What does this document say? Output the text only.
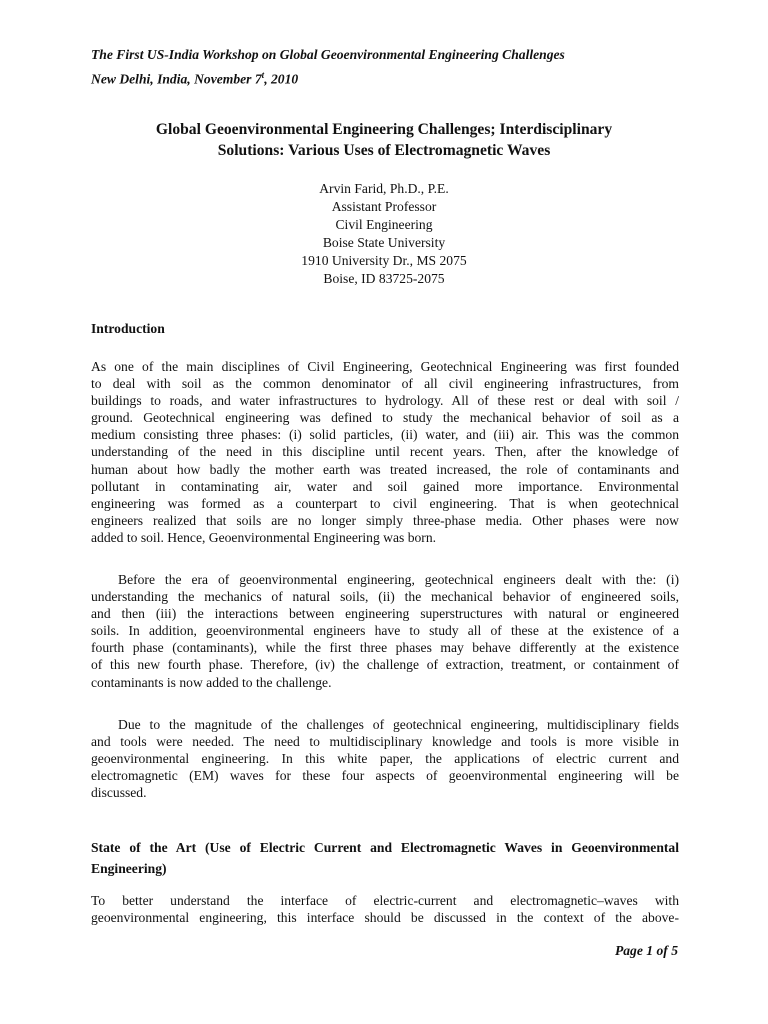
The First US-India Workshop on Global Geoenvironmental Engineering Challenges
New Delhi, India, November 7$^t$, 2010
Global Geoenvironmental Engineering Challenges; Interdisciplinary
Solutions: Various Uses of Electromagnetic Waves
Arvin Farid, Ph.D., P.E.
Assistant Professor
Civil Engineering
Boise State University
1910 University Dr., MS 2075
Boise, ID 83725-2075
Introduction
As one of the main disciplines of Civil Engineering, Geotechnical Engineering was first founded
to deal with soil as the common denominator of all civil engineering infrastructures, from
buildings to roads, and water infrastructures to hydrology. All of these rest or deal with soil /
ground. Geotechnical engineering was defined to study the mechanical behavior of soil as a
medium consisting three phases: (i) solid particles, (ii) water, and (iii) air. This was the common
understanding of the need in this discipline until recent years. Then, after the knowledge of
human about how badly the mother earth was treated increased, the role of contaminants and
pollutant in contaminating air, water and soil gained more importance. Environmental
engineering was formed as a counterpart to civil engineering. That is when geotechnical
engineers realized that soils are no longer simply three-phase media. Other phases were now
added to soil. Hence, Geoenvironmental Engineering was born.
Before the era of geoenvironmental engineering, geotechnical engineers dealt with the: (i)
understanding the mechanics of natural soils, (ii) the mechanical behavior of engineered soils,
and then (iii) the interactions between engineering superstructures with natural or engineered
soils. In addition, geoenvironmental engineers have to study all of these at the existence of a
fourth phase (contaminants), while the first three phases may behave differently at the existence
of this new fourth phase. Therefore, (iv) the challenge of extraction, treatment, or containment of
contaminants is now added to the challenge.
Due to the magnitude of the challenges of geotechnical engineering, multidisciplinary fields
and tools were needed. The need to multidisciplinary knowledge and tools is more visible in
geoenvironmental engineering. In this white paper, the applications of electric current and
electromagnetic (EM) waves for these four aspects of geoenvironmental engineering will be
discussed.
State of the Art (Use of Electric Current and Electromagnetic Waves in Geoenvironmental
Engineering)
To better understand the interface of electric-current and electromagnetic–waves with
geoenvironmental engineering, this interface should be discussed in the context of the above-
Page 1 of 5
